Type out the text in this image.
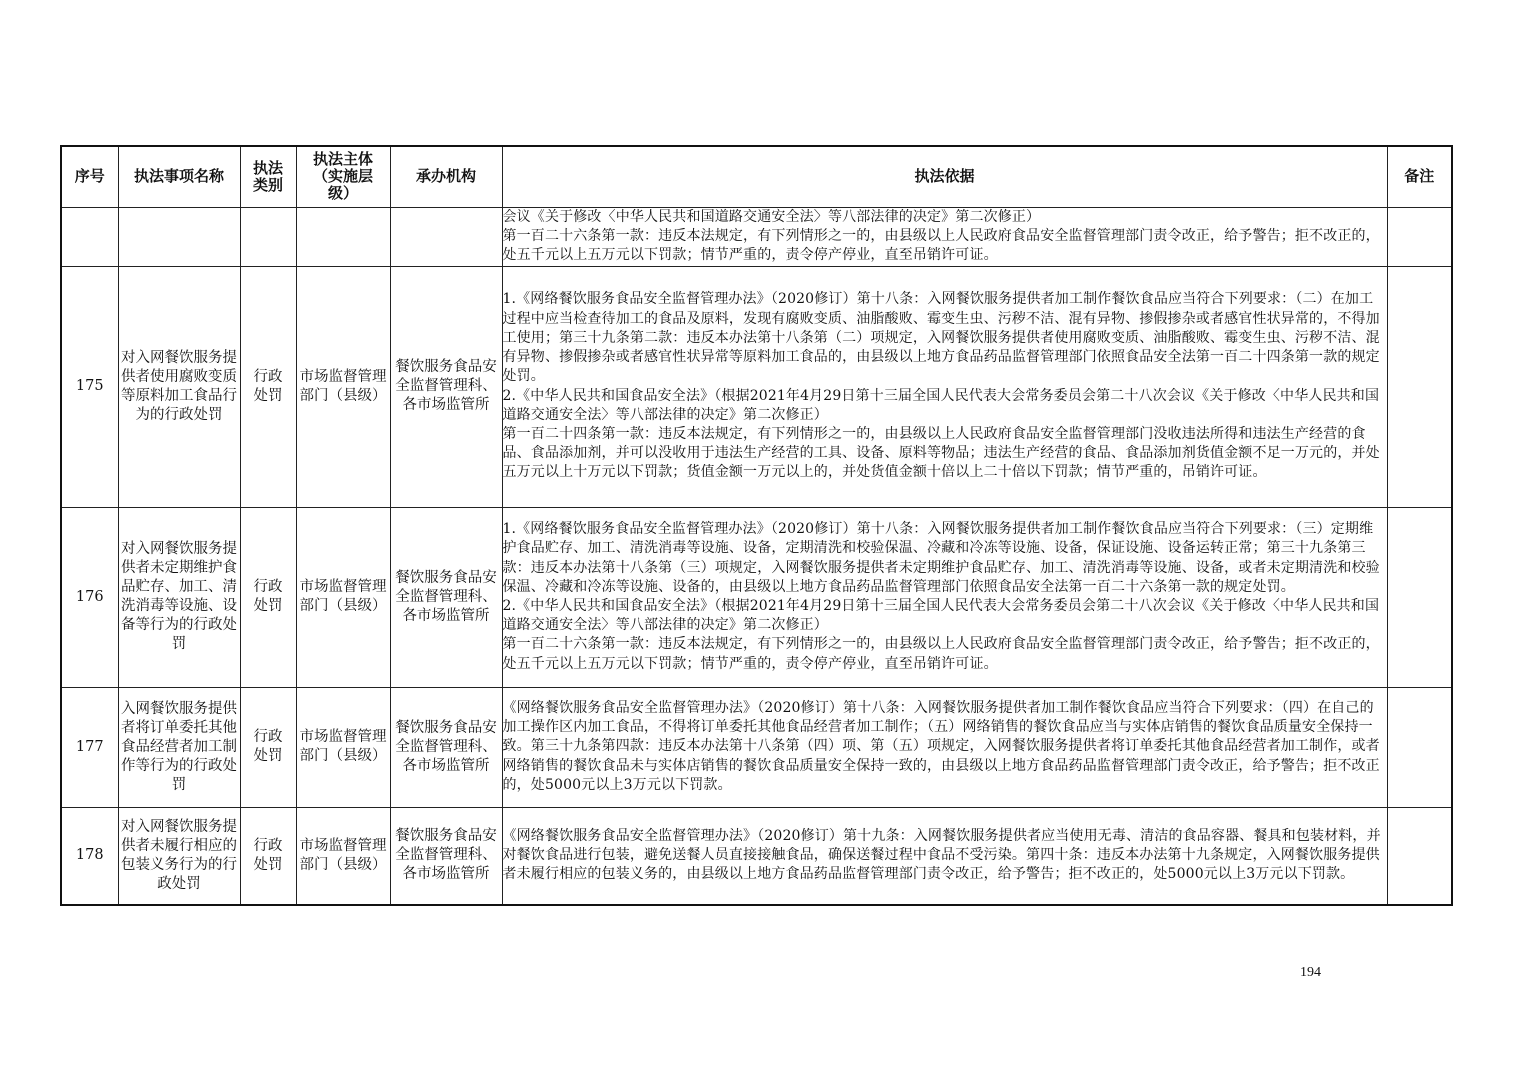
序号	执法事项名称	执法
类别	执法主体
（实施层
级）	承办机构	执法依据	备注
					会议《关于修改〈中华人民共和国道路交通安全法〉等八部法律的决定》第二次修正）
第一百二十六条第一款：违反本法规定，有下列情形之一的，由县级以上人民政府食品安全监督管理部门责令改正，给予警告；拒不改正的，处五千元以上五万元以下罚款；情节严重的，责令停产停业，直至吊销许可证。	
175	对入网餐饮服务提供者使用腐败变质等原料加工食品行为的行政处罚	行政
处罚	市场监督管理部门（县级）	餐饮服务食品安全监督管理科、各市场监管所	1.《网络餐饮服务食品安全监督管理办法》（2020修订）第十八条：入网餐饮服务提供者加工制作餐饮食品应当符合下列要求：（二）在加工过程中应当检查待加工的食品及原料，发现有腐败变质、油脂酸败、霉变生虫、污秽不洁、混有异物、掺假掺杂或者感官性状异常的，不得加工使用；第三十九条第二款：违反本办法第十八条第（二）项规定，入网餐饮服务提供者使用腐败变质、油脂酸败、霉变生虫、污秽不洁、混有异物、掺假掺杂或者感官性状异常等原料加工食品的，由县级以上地方食品药品监督管理部门依照食品安全法第一百二十四条第一款的规定处罚。
2.《中华人民共和国食品安全法》（根据2021年4月29日第十三届全国人民代表大会常务委员会第二十八次会议《关于修改〈中华人民共和国道路交通安全法〉等八部法律的决定》第二次修正）
第一百二十四条第一款：违反本法规定，有下列情形之一的，由县级以上人民政府食品安全监督管理部门没收违法所得和违法生产经营的食品、食品添加剂，并可以没收用于违法生产经营的工具、设备、原料等物品；违法生产经营的食品、食品添加剂货值金额不足一万元的，并处五万元以上十万元以下罚款；货值金额一万元以上的，并处货值金额十倍以上二十倍以下罚款；情节严重的，吊销许可证。	
176	对入网餐饮服务提供者未定期维护食品贮存、加工、清洗消毒等设施、设备等行为的行政处罚	行政
处罚	市场监督管理部门（县级）	餐饮服务食品安全监督管理科、各市场监管所	1.《网络餐饮服务食品安全监督管理办法》（2020修订）第十八条：入网餐饮服务提供者加工制作餐饮食品应当符合下列要求：（三）定期维护食品贮存、加工、清洗消毒等设施、设备，定期清洗和校验保温、冷藏和冷冻等设施、设备，保证设施、设备运转正常；第三十九条第三款：违反本办法第十八条第（三）项规定，入网餐饮服务提供者未定期维护食品贮存、加工、清洗消毒等设施、设备，或者未定期清洗和校验保温、冷藏和冷冻等设施、设备的，由县级以上地方食品药品监督管理部门依照食品安全法第一百二十六条第一款的规定处罚。
2.《中华人民共和国食品安全法》（根据2021年4月29日第十三届全国人民代表大会常务委员会第二十八次会议《关于修改〈中华人民共和国道路交通安全法〉等八部法律的决定》第二次修正）
第一百二十六条第一款：违反本法规定，有下列情形之一的，由县级以上人民政府食品安全监督管理部门责令改正，给予警告；拒不改正的，处五千元以上五万元以下罚款；情节严重的，责令停产停业，直至吊销许可证。	
177	入网餐饮服务提供者将订单委托其他食品经营者加工制作等行为的行政处罚	行政
处罚	市场监督管理部门（县级）	餐饮服务食品安全监督管理科、各市场监管所	《网络餐饮服务食品安全监督管理办法》（2020修订）第十八条：入网餐饮服务提供者加工制作餐饮食品应当符合下列要求：（四）在自己的加工操作区内加工食品，不得将订单委托其他食品经营者加工制作；（五）网络销售的餐饮食品应当与实体店销售的餐饮食品质量安全保持一致。第三十九条第四款：违反本办法第十八条第（四）项、第（五）项规定，入网餐饮服务提供者将订单委托其他食品经营者加工制作，或者网络销售的餐饮食品未与实体店销售的餐饮食品质量安全保持一致的，由县级以上地方食品药品监督管理部门责令改正，给予警告；拒不改正的，处5000元以上3万元以下罚款。	
178	对入网餐饮服务提供者未履行相应的包装义务行为的行政处罚	行政
处罚	市场监督管理部门（县级）	餐饮服务食品安全监督管理科、各市场监管所	《网络餐饮服务食品安全监督管理办法》（2020修订）第十九条：入网餐饮服务提供者应当使用无毒、清洁的食品容器、餐具和包装材料，并对餐饮食品进行包装，避免送餐人员直接接触食品，确保送餐过程中食品不受污染。第四十条：违反本办法第十九条规定，入网餐饮服务提供者未履行相应的包装义务的，由县级以上地方食品药品监督管理部门责令改正，给予警告；拒不改正的，处5000元以上3万元以下罚款。	
194
